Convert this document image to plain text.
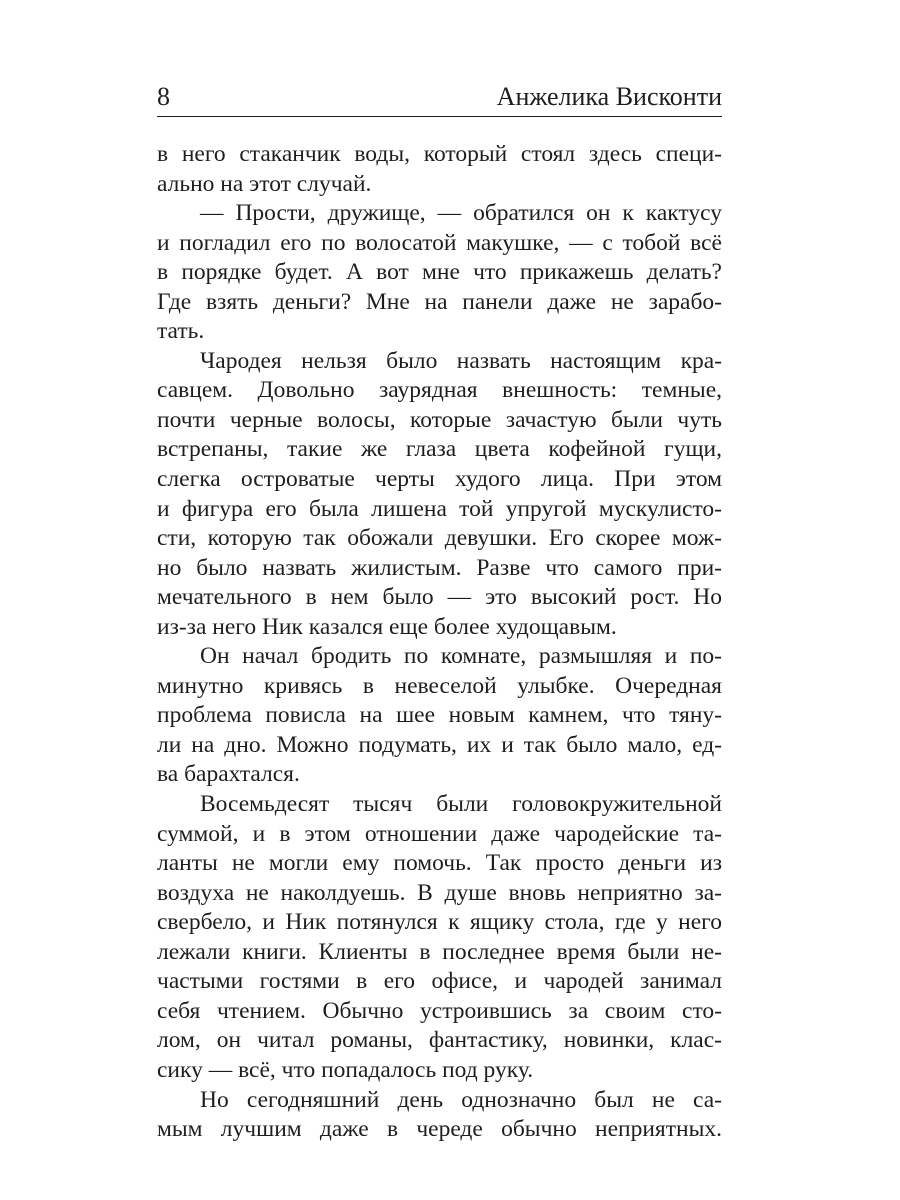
8	Анжелика Висконти
в него стаканчик воды, который стоял здесь специ-
ально на этот случай.
— Прости, дружище, — обратился он к кактусу
и погладил его по волосатой макушке, — с тобой всё
в порядке будет. А вот мне что прикажешь делать?
Где взять деньги? Мне на панели даже не зарабо-
тать.
Чародея нельзя было назвать настоящим кра-
савцем. Довольно заурядная внешность: темные,
почти черные волосы, которые зачастую были чуть
встрепаны, такие же глаза цвета кофейной гущи,
слегка островатые черты худого лица. При этом
и фигура его была лишена той упругой мускулисто-
сти, которую так обожали девушки. Его скорее мож-
но было назвать жилистым. Разве что самого при-
мечательного в нем было — это высокий рост. Но
из-за него Ник казался еще более худощавым.
Он начал бродить по комнате, размышляя и по-
минутно кривясь в невеселой улыбке. Очередная
проблема повисла на шее новым камнем, что тяну-
ли на дно. Можно подумать, их и так было мало, ед-
ва барахтался.
Восемьдесят тысяч были головокружительной
суммой, и в этом отношении даже чародейские та-
ланты не могли ему помочь. Так просто деньги из
воздуха не наколдуешь. В душе вновь неприятно за-
свербело, и Ник потянулся к ящику стола, где у него
лежали книги. Клиенты в последнее время были не-
частыми гостями в его офисе, и чародей занимал
себя чтением. Обычно устроившись за своим сто-
лом, он читал романы, фантастику, новинки, клас-
сику — всё, что попадалось под руку.
Но сегодняшний день однозначно был не са-
мым лучшим даже в череде обычно неприятных.
